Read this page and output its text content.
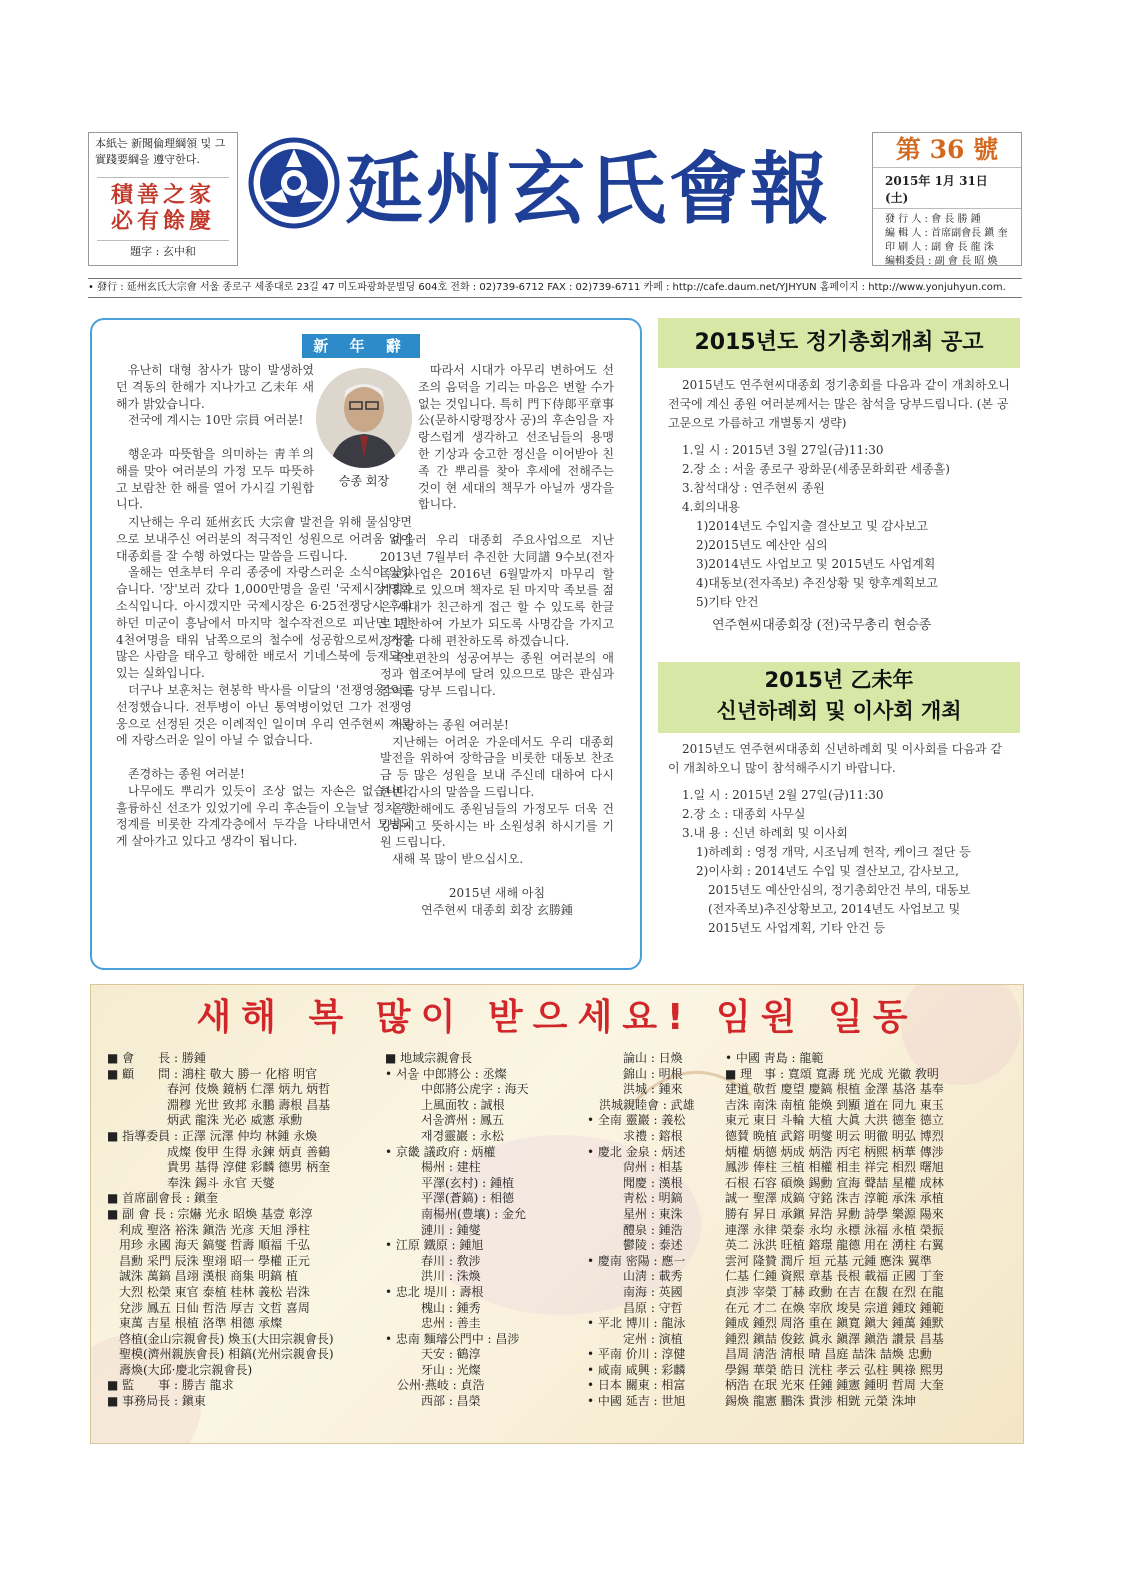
本紙는 新聞倫理綱領 및 그 實踐要綱을 遵守한다.
積善之家
必有餘慶
題字 : 玄中和
延州玄氏會報	第 36 號
2015年 1月 31日 (土)
發 行 人 : 會 長 勝 鍾
編 輯 人 : 首席副會長 鎭 奎
印 刷 人 : 副 會 長 龍 洙
編輯委員 : 副 會 長 昭 煥
• 發行 : 延州玄氏大宗會 서울 종로구 세종대로 23길 47 미도파광화문빌딩 604호 전화 : 02)739-6712 FAX : 02)739-6711 카페 : http://cafe.daum.net/YJHYUN 홈페이지 : http://www.yonjuhyun.com.
新 年 辭

유난히 대형 참사가 많이 발생하였던 격동의 한해가 지나가고 乙未年 새해가 밝았습니다.

전국에 계시는 10만 宗員 여러분!

행운과 따뜻함을 의미하는 靑羊의 해를 맞아 여러분의 가정 모두 따뜻하고 보람찬 한 해를 열어 가시길 기원합니다.

지난해는 우리 延州玄氏 大宗會 발전을 위해 물심양면으로 보내주신 여러분의 적극적인 성원으로 어려움 없이 대종회를 잘 수행 하였다는 말씀을 드립니다.

올해는 연초부터 우리 종중에 자랑스러운 소식이 있었습니다. '장'보러 갔다 1,000만명을 울린 '국제시장'영화 소식입니다. 아시겠지만 국제시장은 6·25전쟁당시 후퇴하던 미군이 흥남에서 마지막 철수작전으로 피난민 1만 4천여명을 태워 남쪽으로의 철수에 성공함으로써, 가장 많은 사람을 태우고 항해한 배로서 기네스북에 등재되어 있는 실화입니다.

더구나 보훈처는 현봉학 박사를 이달의 '전쟁영웅'으로 선정했습니다. 전투병이 아닌 통역병이었던 그가 전쟁영웅으로 선정된 것은 이례적인 일이며 우리 연주현씨 가문에 자랑스러운 일이 아닐 수 없습니다.

존경하는 종원 여러분!

나무에도 뿌리가 있듯이 조상 없는 자손은 없습니다. 훌륭하신 선조가 있었기에 우리 후손들이 오늘날 정치 행정계를 비롯한 각계각층에서 두각을 나타내면서 모범되게 살아가고 있다고 생각이 됩니다.

승종 회장

따라서 시대가 아무리 변하여도 선조의 음덕을 기리는 마음은 변할 수가 없는 것입니다. 특히 門下侍郞平章事 公(문하시랑평장사 공)의 후손임을 자랑스럽게 생각하고 선조님들의 용맹한 기상과 숭고한 정신을 이어받아 친족 간 뿌리를 찾아 후세에 전해주는 것이 현 세대의 책무가 아닐까 생각을 합니다.

아울러 우리 대종회 주요사업으로 지난 2013년 7월부터 추진한 大同譜 9수보(전자족보)사업은 2016년 6월말까지 마무리 할 계획으로 있으며 책자로 된 마지막 족보를 젊은 세대가 친근하게 접근 할 수 있도록 한글로 편찬하여 가보가 되도록 사명감을 가지고 정성을 다해 편찬하도록 하겠습니다.

족보편찬의 성공여부는 종원 여러분의 애정과 협조여부에 달려 있으므로 많은 관심과 참여를 당부 드립니다.

사랑하는 종원 여러분!

지난해는 어려운 가운데서도 우리 대종회 발전을 위하여 장학금을 비롯한 대동보 찬조금 등 많은 성원을 보내 주신데 대하여 다시 한번 감사의 말씀을 드립니다.

올 한해에도 종원님들의 가정모두 더욱 건강하시고 뜻하시는 바 소원성취 하시기를 기원 드립니다.

새해 복 많이 받으십시오.

2015년 새해 아침
연주현씨 대종회 회장 玄勝鍾
2015년도 정기총회개최 공고

2015년도 연주현씨대종회 정기총회를 다음과 같이 개최하오니 전국에 계신 종원 여러분께서는 많은 참석을 당부드립니다. (본 공고문으로 가름하고 개별통지 생략)

1.일 시 : 2015년 3월 27일(금)11:30

2.장 소 : 서울 종로구 광화문(세종문화회관 세종홀)

3.참석대상 : 연주현씨 종원

4.회의내용

1)2014년도 수입지출 결산보고 및 감사보고

2)2015년도 예산안 심의

3)2014년도 사업보고 및 2015년도 사업계획

4)대동보(전자족보) 추진상황 및 향후계획보고

5)기타 안건

연주현씨대종회장 (전)국무총리 현승종

2015년 乙未年
신년하례회 및 이사회 개최

2015년도 연주현씨대종회 신년하례회 및 이사회를 다음과 같이 개최하오니 많이 참석해주시기 바랍니다.

1.일 시 : 2015년 2월 27일(금)11:30

2.장 소 : 대종회 사무실

3.내 용 : 신년 하례회 및 이사회

1)하례회 : 영정 개막, 시조님께 헌작, 케이크 절단 등

2)이사회 : 2014년도 수입 및 결산보고, 감사보고,

2015년도 예산안심의, 정기총회안건 부의, 대동보

(전자족보)추진상황보고, 2014년도 사업보고 및

2015년도 사업계획, 기타 안건 등

새해 복 많이 받으세요! 임원 일동
■ 會　　長 : 勝鍾
■ 顧　　問 : 鴻柱 敬大 勝一 化榕 明官
　　　　　春河 伎煥 鏡柄 仁澤 炳九 炳哲
　　　　　淵穆 光世 致邦 永鵬 壽根 昌基
　　　　　炳武 龍洙 光必 威憲 承勳
■ 指導委員 : 正澤 沅澤 仲均 林鍾 永煥
　　　　　成燦 俊甲 生得 永鍊 炳貞 善鶴
　　　　　貴男 基得 淳健 彩麟 德男 柄奎
　　　　　奉洙 錫斗 永官 天燮
■ 首席副會長 : 鎭奎
■ 副 會 長 : 宗爀 光永 昭煥 基壹 彰淳
　利成 聖洛 裕洙 鎭浩 光彦 天旭 淨柱
　用珍 永國 海天 鎬燮 哲壽 順福 千弘
　昌勳 采門 辰洙 聖翊 昭一 學權 正元
　誠洙 萬鎬 昌翊 漢根 商集 明鎬 植
　大烈 松榮 東官 泰植 桂林 義松 岩洙
　兌涉 鳳五 日仙 哲浩 厚吉 文哲 喜周
　東萬 吉星 根植 洛準 相德 承燦
　啓植(金山宗親會長) 煥玉(大田宗親會長)
　聖模(濟州親族會長) 相鎬(光州宗親會長)
　壽煥(大邱·慶北宗親會長)
■ 監　　事 : 勝吉 龍求
■ 事務局長 : 鎭東
■ 地域宗親會長
• 서울 中郎將公 : 丞燦
　　　中郎將公虎字 : 海天
　　　上風面牧 : 誠根
　　　서울濟州 : 鳳五
　　　재경靈巖 : 永松
• 京畿 議政府 : 炳權
　　　楊州 : 建柱
　　　平澤(玄村) : 鍾植
　　　平澤(蒼鎬) : 相德
　　　南楊州(豊壤) : 金允
　　　漣川 : 鍾燮
• 江原 鐵原 : 鍾旭
　　　春川 : 敎涉
　　　洪川 : 洙煥
• 忠北 堤川 : 壽根
　　　槐山 : 鍾秀
　　　忠州 : 善圭
• 忠南 麵璿公門中 : 昌涉
　　　天安 : 鶴淳
　　　牙山 : 光燦
　公州·燕岐 : 貞浩
　　　西部 : 昌榮
　　　論山 : 日煥
　　　錦山 : 明根
　　　洪城 : 鍾來
　洪城親睦會 : 武雄
• 全南 靈巖 : 義松
　　　求禮 : 鎔根
• 慶北 金泉 : 炳述
　　　尙州 : 相基
　　　聞慶 : 漢根
　　　靑松 : 明鎬
　　　星州 : 東洙
　　　醴泉 : 鍾浩
　　　鬱陵 : 泰述
• 慶南 密陽 : 應一
　　　山淸 : 載秀
　　　南海 : 英國
　　　昌原 : 守哲
• 平北 博川 : 龍泳
　　　定州 : 演植
• 平南 价川 : 淳健
• 咸南 咸興 : 彩麟
• 日本 關東 : 相富
• 中國 延吉 : 世旭
• 中國 靑島 : 龍範
■ 理　事 : 寬頌 寬壽 珖 光成 光徽 敎明
建道 敬哲 慶望 慶鎬 根植 金澤 基洛 基奉
吉洙 南洙 南植 能煥 到顯 道在 同九 東玉
東元 東日 斗輪 大植 大眞 大洪 德奎 德立
德賛 晩植 武鎔 明燮 明云 明徹 明弘 博烈
炳權 炳德 炳成 炳浩 丙宅 柄熙 柄華 傳涉
鳳涉 俸柱 三植 相權 相圭 祥完 相烈 曙旭
石根 石容 碩煥 錫勳 宣海 聲喆 星權 成林
誠一 聖澤 成鎬 守銘 洙吉 淳範 承洙 承植
勝有 昇日 承鎭 昇浩 昇勳 詩學 樂源 陽來
連澤 永律 榮泰 永均 永標 泳福 永植 榮振
英二 泳洪 旺植 鎔璟 龍德 用在 湧柱 右翼
雲河 隆贊 潤斤 垣 元基 元鍾 應洙 翼準
仁基 仁鍾 資熙 章基 長根 載福 正國 丁奎
貞涉 宰榮 丁赫 政勳 在吉 在馥 在烈 在龍
在元 才二 在煥 宰欣 埈昊 宗道 鍾玟 鍾範
鍾成 鍾烈 周洛 重在 鎭寬 鎭大 鍾萬 鍾默
鍾烈 鎭喆 俊鉉 眞永 鎭澤 鎭浩 讚景 昌基
昌周 淸浩 淸根 晴 昌庭 喆洙 喆煥 忠勳
學錫 華榮 皓日 洸柱 孝云 弘柱 興祿 熙男
柄浩 在珉 光來 任鍾 鍾憲 鍾明 哲周 大奎
錫煥 龍憲 鵬洙 貴涉 相皝 元榮 洙坤
